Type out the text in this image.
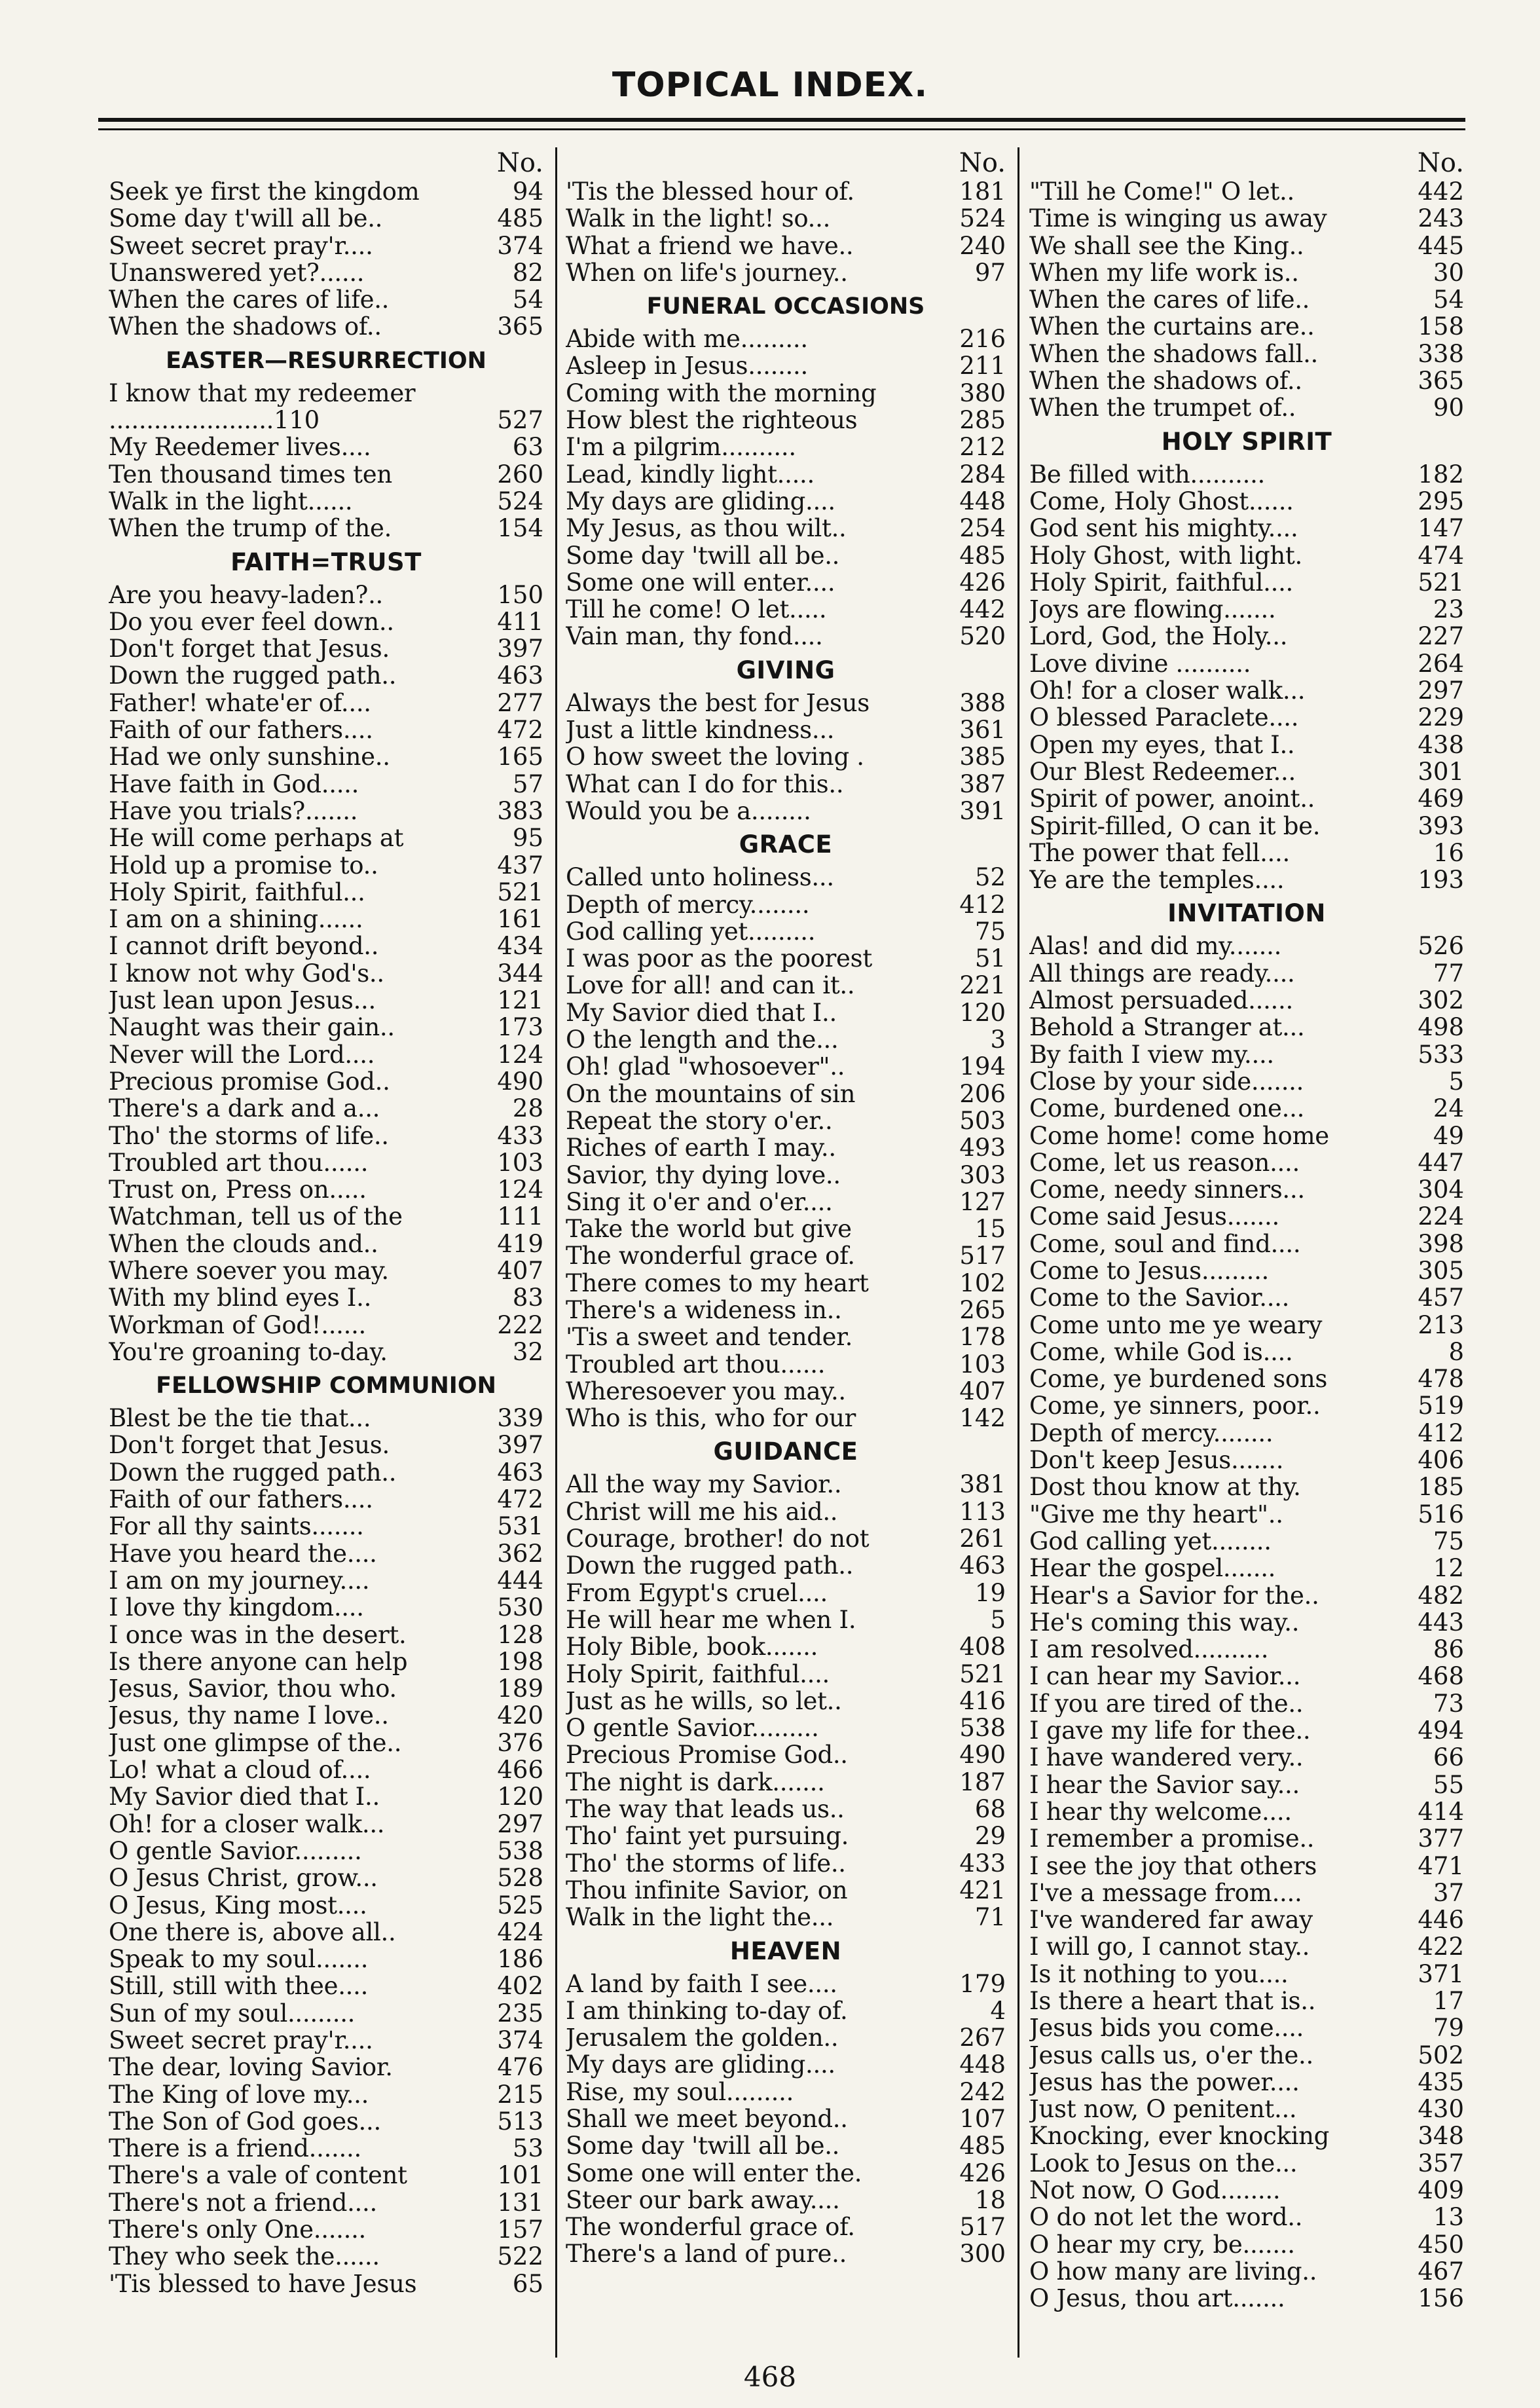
TOPICAL INDEX.
No.
Seek ye first the kingdom	94
Some day t'will all be..	485
Sweet secret pray'r....	374
Unanswered yet?......	82
When the cares of life..	54
When the shadows of..	365
EASTER—RESURRECTION
I know that my redeemer
......................110	527
My Reedemer lives....	63
Ten thousand times ten	260
Walk in the light......	524
When the trump of the.	154
FAITH=TRUST
Are you heavy-laden?..	150
Do you ever feel down..	411
Don't forget that Jesus.	397
Down the rugged path..	463
Father! whate'er of....	277
Faith of our fathers....	472
Had we only sunshine..	165
Have faith in God.....	57
Have you trials?.......	383
He will come perhaps at	95
Hold up a promise to..	437
Holy Spirit, faithful...	521
I am on a shining......	161
I cannot drift beyond..	434
I know not why God's..	344
Just lean upon Jesus...	121
Naught was their gain..	173
Never will the Lord....	124
Precious promise God..	490
There's a dark and a...	28
Tho' the storms of life..	433
Troubled art thou......	103
Trust on, Press on.....	124
Watchman, tell us of the	111
When the clouds and..	419
Where soever you may.	407
With my blind eyes I..	83
Workman of God!......	222
You're groaning to-day.	32
FELLOWSHIP COMMUNION
Blest be the tie that...	339
Don't forget that Jesus.	397
Down the rugged path..	463
Faith of our fathers....	472
For all thy saints.......	531
Have you heard the....	362
I am on my journey....	444
I love thy kingdom....	530
I once was in the desert.	128
Is there anyone can help	198
Jesus, Savior, thou who.	189
Jesus, thy name I love..	420
Just one glimpse of the..	376
Lo! what a cloud of....	466
My Savior died that I..	120
Oh! for a closer walk...	297
O gentle Savior.........	538
O Jesus Christ, grow...	528
O Jesus, King most....	525
One there is, above all..	424
Speak to my soul.......	186
Still, still with thee....	402
Sun of my soul.........	235
Sweet secret pray'r....	374
The dear, loving Savior.	476
The King of love my...	215
The Son of God goes...	513
There is a friend.......	53
There's a vale of content	101
There's not a friend....	131
There's only One.......	157
They who seek the......	522
'Tis blessed to have Jesus	65
No.
'Tis the blessed hour of.	181
Walk in the light! so...	524
What a friend we have..	240
When on life's journey..	97
FUNERAL OCCASIONS
Abide with me.........	216
Asleep in Jesus........	211
Coming with the morning	380
How blest the righteous	285
I'm a pilgrim..........	212
Lead, kindly light.....	284
My days are gliding....	448
My Jesus, as thou wilt..	254
Some day 'twill all be..	485
Some one will enter....	426
Till he come! O let.....	442
Vain man, thy fond....	520
GIVING
Always the best for Jesus	388
Just a little kindness...	361
O how sweet the loving .	385
What can I do for this..	387
Would you be a........	391
GRACE
Called unto holiness...	52
Depth of mercy........	412
God calling yet.........	75
I was poor as the poorest	51
Love for all! and can it..	221
My Savior died that I..	120
O the length and the...	3
Oh! glad "whosoever"..	194
On the mountains of sin	206
Repeat the story o'er..	503
Riches of earth I may..	493
Savior, thy dying love..	303
Sing it o'er and o'er....	127
Take the world but give	15
The wonderful grace of.	517
There comes to my heart	102
There's a wideness in..	265
'Tis a sweet and tender.	178
Troubled art thou......	103
Wheresoever you may..	407
Who is this, who for our	142
GUIDANCE
All the way my Savior..	381
Christ will me his aid..	113
Courage, brother! do not	261
Down the rugged path..	463
From Egypt's cruel....	19
He will hear me when I.	5
Holy Bible, book.......	408
Holy Spirit, faithful....	521
Just as he wills, so let..	416
O gentle Savior.........	538
Precious Promise God..	490
The night is dark.......	187
The way that leads us..	68
Tho' faint yet pursuing.	29
Tho' the storms of life..	433
Thou infinite Savior, on	421
Walk in the light the...	71
HEAVEN
A land by faith I see....	179
I am thinking to-day of.	4
Jerusalem the golden..	267
My days are gliding....	448
Rise, my soul.........	242
Shall we meet beyond..	107
Some day 'twill all be..	485
Some one will enter the.	426
Steer our bark away....	18
The wonderful grace of.	517
There's a land of pure..	300
No.
"Till he Come!" O let..	442
Time is winging us away	243
We shall see the King..	445
When my life work is..	30
When the cares of life..	54
When the curtains are..	158
When the shadows fall..	338
When the shadows of..	365
When the trumpet of..	90
HOLY SPIRIT
Be filled with..........	182
Come, Holy Ghost......	295
God sent his mighty....	147
Holy Ghost, with light.	474
Holy Spirit, faithful....	521
Joys are flowing.......	23
Lord, God, the Holy...	227
Love divine ..........	264
Oh! for a closer walk...	297
O blessed Paraclete....	229
Open my eyes, that I..	438
Our Blest Redeemer...	301
Spirit of power, anoint..	469
Spirit-filled, O can it be.	393
The power that fell....	16
Ye are the temples....	193
INVITATION
Alas! and did my.......	526
All things are ready....	77
Almost persuaded......	302
Behold a Stranger at...	498
By faith I view my....	533
Close by your side.......	5
Come, burdened one...	24
Come home! come home	49
Come, let us reason....	447
Come, needy sinners...	304
Come said Jesus.......	224
Come, soul and find....	398
Come to Jesus.........	305
Come to the Savior....	457
Come unto me ye weary	213
Come, while God is....	8
Come, ye burdened sons	478
Come, ye sinners, poor..	519
Depth of mercy........	412
Don't keep Jesus.......	406
Dost thou know at thy.	185
"Give me thy heart"..	516
God calling yet........	75
Hear the gospel.......	12
Hear's a Savior for the..	482
He's coming this way..	443
I am resolved..........	86
I can hear my Savior...	468
If you are tired of the..	73
I gave my life for thee..	494
I have wandered very..	66
I hear the Savior say...	55
I hear thy welcome....	414
I remember a promise..	377
I see the joy that others	471
I've a message from....	37
I've wandered far away	446
I will go, I cannot stay..	422
Is it nothing to you....	371
Is there a heart that is..	17
Jesus bids you come....	79
Jesus calls us, o'er the..	502
Jesus has the power....	435
Just now, O penitent...	430
Knocking, ever knocking	348
Look to Jesus on the...	357
Not now, O God........	409
O do not let the word..	13
O hear my cry, be.......	450
O how many are living..	467
O Jesus, thou art.......	156
468
